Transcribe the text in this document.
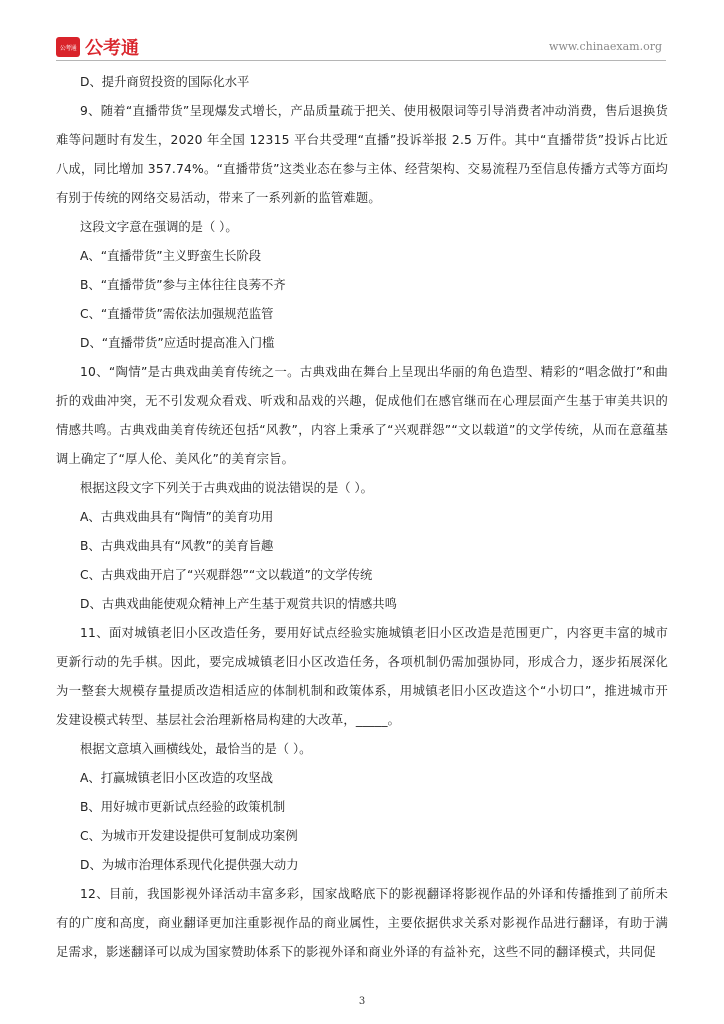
公考通 公考通	www.chinaexam.org

D、提升商贸投资的国际化水平

9、随着“直播带货”呈现爆发式增长，产品质量疏于把关、使用极限词等引导消费者冲动消费，售后退换货难等问题时有发生，2020 年全国 12315 平台共受理“直播”投诉举报 2.5 万件。其中“直播带货”投诉占比近八成，同比增加 357.74%。“直播带货”这类业态在参与主体、经营架构、交易流程乃至信息传播方式等方面均有别于传统的网络交易活动，带来了一系列新的监管难题。

这段文字意在强调的是（ ）。

A、“直播带货”主义野蛮生长阶段

B、“直播带货”参与主体往往良莠不齐

C、“直播带货”需依法加强规范监管

D、“直播带货”应适时提高准入门槛

10、“陶情”是古典戏曲美育传统之一。古典戏曲在舞台上呈现出华丽的角色造型、精彩的“唱念做打”和曲折的戏曲冲突，无不引发观众看戏、听戏和品戏的兴趣，促成他们在感官继而在心理层面产生基于审美共识的情感共鸣。古典戏曲美育传统还包括“风教”，内容上秉承了“兴观群怨”“文以载道”的文学传统，从而在意蕴基调上确定了“厚人伦、美风化”的美育宗旨。

根据这段文字下列关于古典戏曲的说法错误的是（ ）。

A、古典戏曲具有“陶情”的美育功用

B、古典戏曲具有“风教”的美育旨趣

C、古典戏曲开启了“兴观群怨”“文以载道”的文学传统

D、古典戏曲能使观众精神上产生基于观赏共识的情感共鸣

11、面对城镇老旧小区改造任务，要用好试点经验实施城镇老旧小区改造是范围更广，内容更丰富的城市更新行动的先手棋。因此，要完成城镇老旧小区改造任务，各项机制仍需加强协同，形成合力，逐步拓展深化为一整套大规模存量提质改造相适应的体制机制和政策体系，用城镇老旧小区改造这个“小切口”，推进城市开发建设模式转型、基层社会治理新格局构建的大改革，_____。

根据文意填入画横线处，最恰当的是（ ）。

A、打赢城镇老旧小区改造的攻坚战

B、用好城市更新试点经验的政策机制

C、为城市开发建设提供可复制成功案例

D、为城市治理体系现代化提供强大动力

12、目前，我国影视外译活动丰富多彩，国家战略底下的影视翻译将影视作品的外译和传播推到了前所未有的广度和高度，商业翻译更加注重影视作品的商业属性，主要依据供求关系对影视作品进行翻译，有助于满足需求，影迷翻译可以成为国家赞助体系下的影视外译和商业外译的有益补充，这些不同的翻译模式，共同促

3
